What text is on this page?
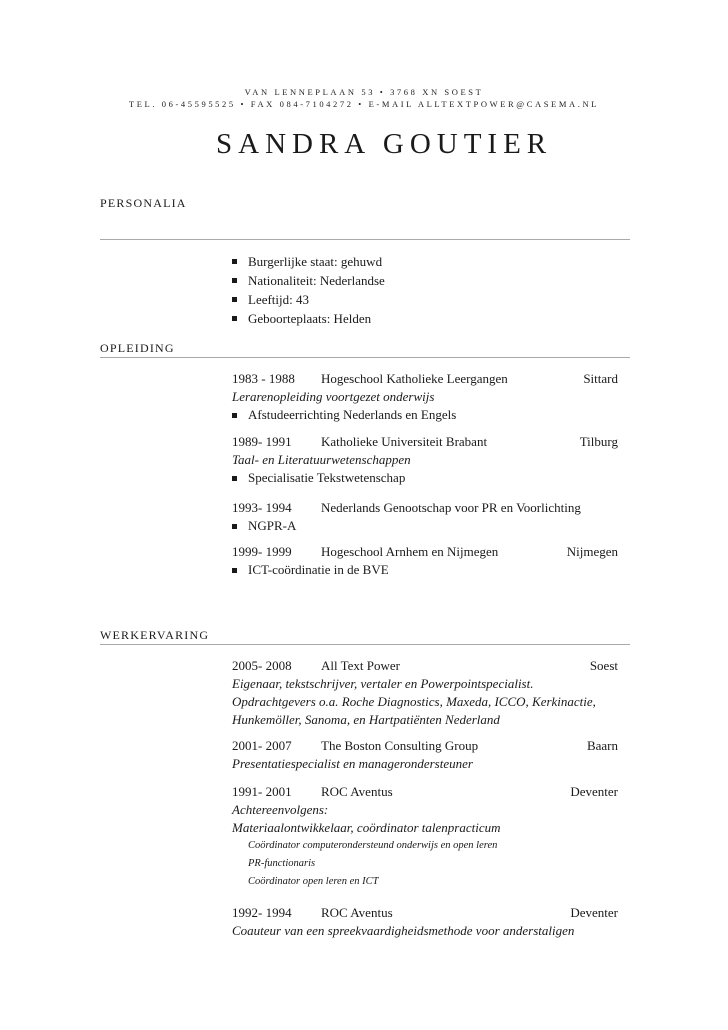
VAN LENNEPLAAN 53 • 3768 XN SOEST
TEL. 06-45595525 • FAX 084-7104272 • E-MAIL ALLTEXTPOWER@CASEMA.NL
SANDRA GOUTIER
PERSONALIA
Burgerlijke staat: gehuwd
Nationaliteit: Nederlandse
Leeftijd: 43
Geboorteplaats: Helden
OPLEIDING
1983 - 1988 Hogeschool Katholieke Leergangen	Sittard
Lerarenopleiding voortgezet onderwijs
Afstudeerrichting Nederlands en Engels
1989- 1991 Katholieke Universiteit Brabant	Tilburg
Taal- en Literatuurwetenschappen
Specialisatie Tekstwetenschap
1993- 1994 Nederlands Genootschap voor PR en Voorlichting
NGPR-A
1999- 1999 Hogeschool Arnhem en Nijmegen	Nijmegen
ICT-coördinatie in de BVE
WERKERVARING
2005- 2008 All Text Power	Soest
Eigenaar, tekstschrijver, vertaler en Powerpointspecialist.
Opdrachtgevers o.a. Roche Diagnostics, Maxeda, ICCO, Kerkinactie,
Hunkemöller, Sanoma, en Hartpatiënten Nederland
2001- 2007 The Boston Consulting Group	Baarn
Presentatiespecialist en managerondersteuner
1991- 2001 ROC Aventus	Deventer
Achtereenvolgens:
Materiaalontwikkelaar, coördinator talenpracticum
Coördinator computerondersteund onderwijs en open leren
PR-functionaris
Coördinator open leren en ICT
1992- 1994 ROC Aventus	Deventer
Coauteur van een spreekvaardigheidsmethode voor anderstaligen
